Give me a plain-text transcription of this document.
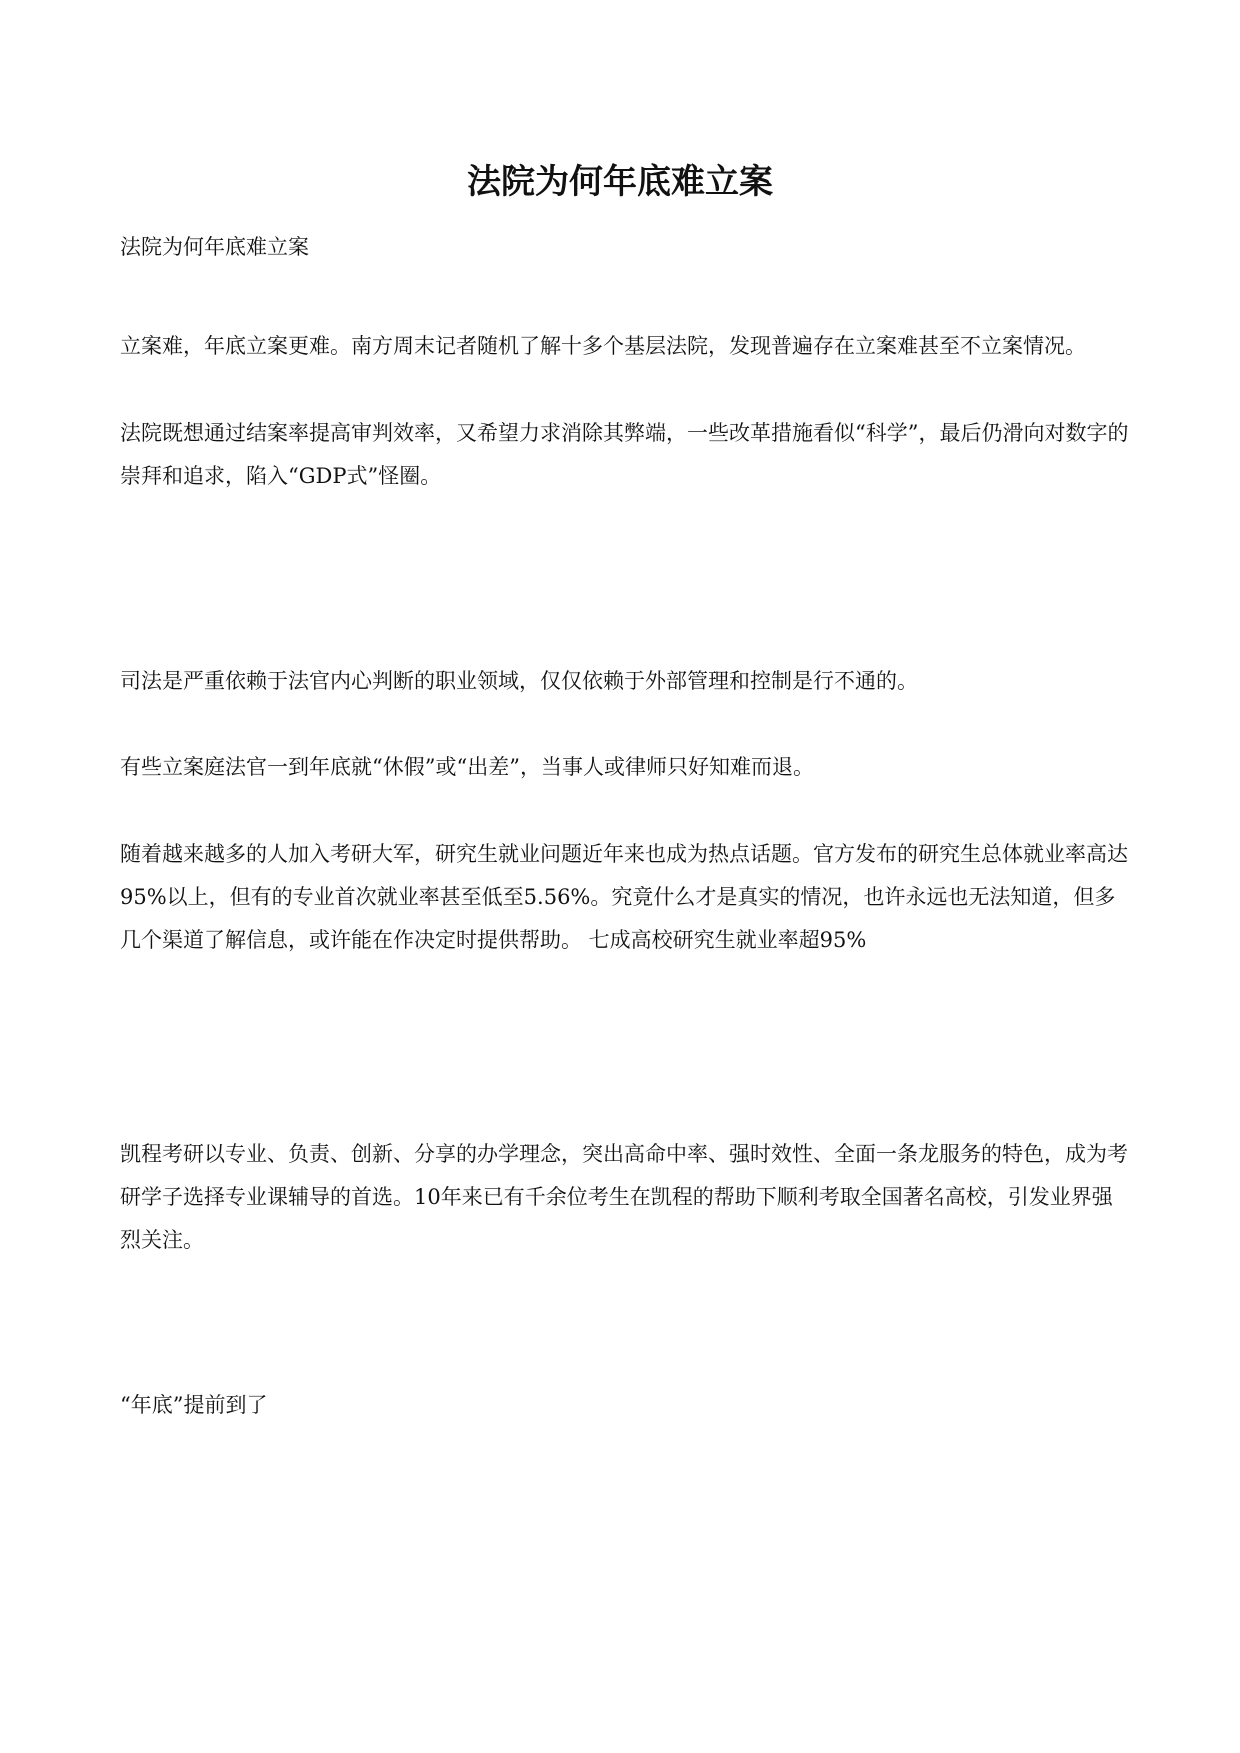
法院为何年底难立案

法院为何年底难立案

立案难，年底立案更难。南方周末记者随机了解十多个基层法院，发现普遍存在立案难甚至不立案情况。

法院既想通过结案率提高审判效率，又希望力求消除其弊端，一些改革措施看似“科学”，最后仍滑向对数字的崇拜和追求，陷入“GDP式”怪圈。

司法是严重依赖于法官内心判断的职业领域，仅仅依赖于外部管理和控制是行不通的。

有些立案庭法官一到年底就“休假”或“出差”，当事人或律师只好知难而退。

随着越来越多的人加入考研大军，研究生就业问题近年来也成为热点话题。官方发布的研究生总体就业率高达95%以上，但有的专业首次就业率甚至低至5.56%。究竟什么才是真实的情况，也许永远也无法知道，但多几个渠道了解信息，或许能在作决定时提供帮助。 七成高校研究生就业率超95%

凯程考研以专业、负责、创新、分享的办学理念，突出高命中率、强时效性、全面一条龙服务的特色，成为考研学子选择专业课辅导的首选。10年来已有千余位考生在凯程的帮助下顺利考取全国著名高校，引发业界强烈关注。

“年底”提前到了
